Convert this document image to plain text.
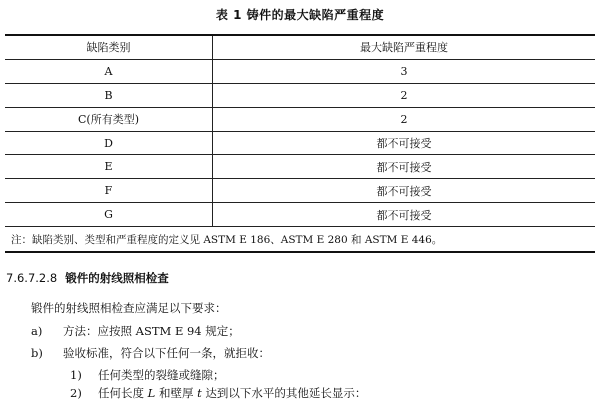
表 1 铸件的最大缺陷严重程度
缺陷类别	最大缺陷严重程度
A	3
B	2
C(所有类型)	2
D	都不可接受
E	都不可接受
F	都不可接受
G	都不可接受
注：缺陷类别、类型和严重程度的定义见 ASTM E 186、ASTM E 280 和 ASTM E 446。	
7.6.7.2.8 锻件的射线照相检查
锻件的射线照相检查应满足以下要求：
a) 方法：应按照 ASTM E 94 规定；
b) 验收标准，符合以下任何一条，就拒收：
1) 任何类型的裂缝或缝隙；
2) 任何长度 L 和壁厚 t 达到以下水平的其他延长显示：
